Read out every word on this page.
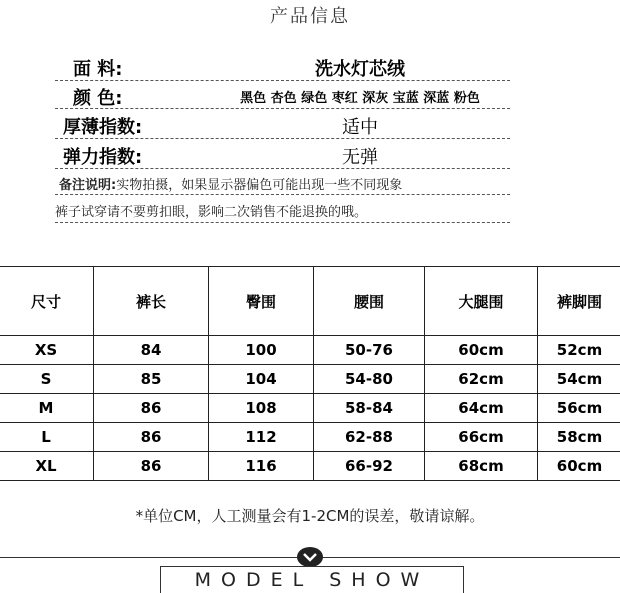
产品信息
面 料:	洗水灯芯绒
颜 色:	黑色 杏色 绿色 枣红 深灰 宝蓝 深蓝 粉色
厚薄指数:	适中
弹力指数:	无弹
备注说明:实物拍摄，如果显示器偏色可能出现一些不同现象
裤子试穿请不要剪扣眼，影响二次销售不能退换的哦。
尺寸	裤长	臀围	腰围	大腿围	裤脚围
XS	84	100	50-76	60cm	52cm
S	85	104	54-80	62cm	54cm
M	86	108	58-84	64cm	56cm
L	86	112	62-88	66cm	58cm
XL	86	116	66-92	68cm	60cm
*单位CM，人工测量会有1-2CM的误差，敬请谅解。
MODEL SHOW
